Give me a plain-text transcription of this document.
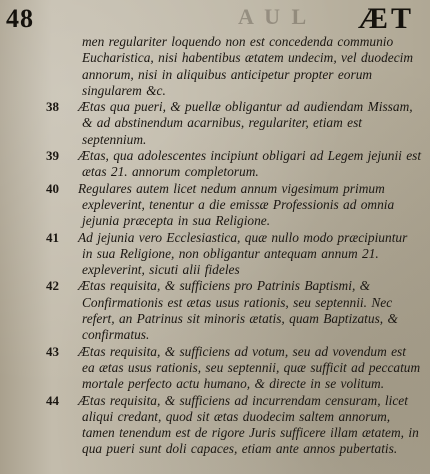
48	A U L ÆT

men regulariter loquendo non est concedenda communio Eucharistica, nisi habentibus ætatem undecim, vel duodecim annorum, nisi in aliquibus anticipetur propter eorum singularem &c.

38 Ætas qua pueri, & puellæ obligantur ad audiendam Missam, & ad abstinendum acarnibus, regulariter, etiam est septennium.

39 Ætas, qua adolescentes incipiunt obligari ad Legem jejunii est ætas 21. annorum completorum.

40 Regulares autem licet nedum annum vigesimum primum expleverint, tenentur a die emissæ Professionis ad omnia jejunia præcepta in sua Religione.

41 Ad jejunia vero Ecclesiastica, quæ nullo modo præcipiuntur in sua Religione, non obligantur antequam annum 21. expleverint, sicuti alii fideles

42 Ætas requisita, & sufficiens pro Patrinis Baptismi, & Confirmationis est ætas usus rationis, seu septennii. Nec refert, an Patrinus sit minoris ætatis, quam Baptizatus, & confirmatus.

43 Ætas requisita, & sufficiens ad votum, seu ad vovendum est ea ætas usus rationis, seu septennii, quæ sufficit ad peccatum mortale perfecto actu humano, & directe in se volitum.

44 Ætas requisita, & sufficiens ad incurrendam censuram, licet aliqui credant, quod sit ætas duodecim saltem annorum, tamen tenendum est de rigore Juris sufficere illam ætatem, in qua pueri sunt doli capaces, etiam ante annos pubertatis.
